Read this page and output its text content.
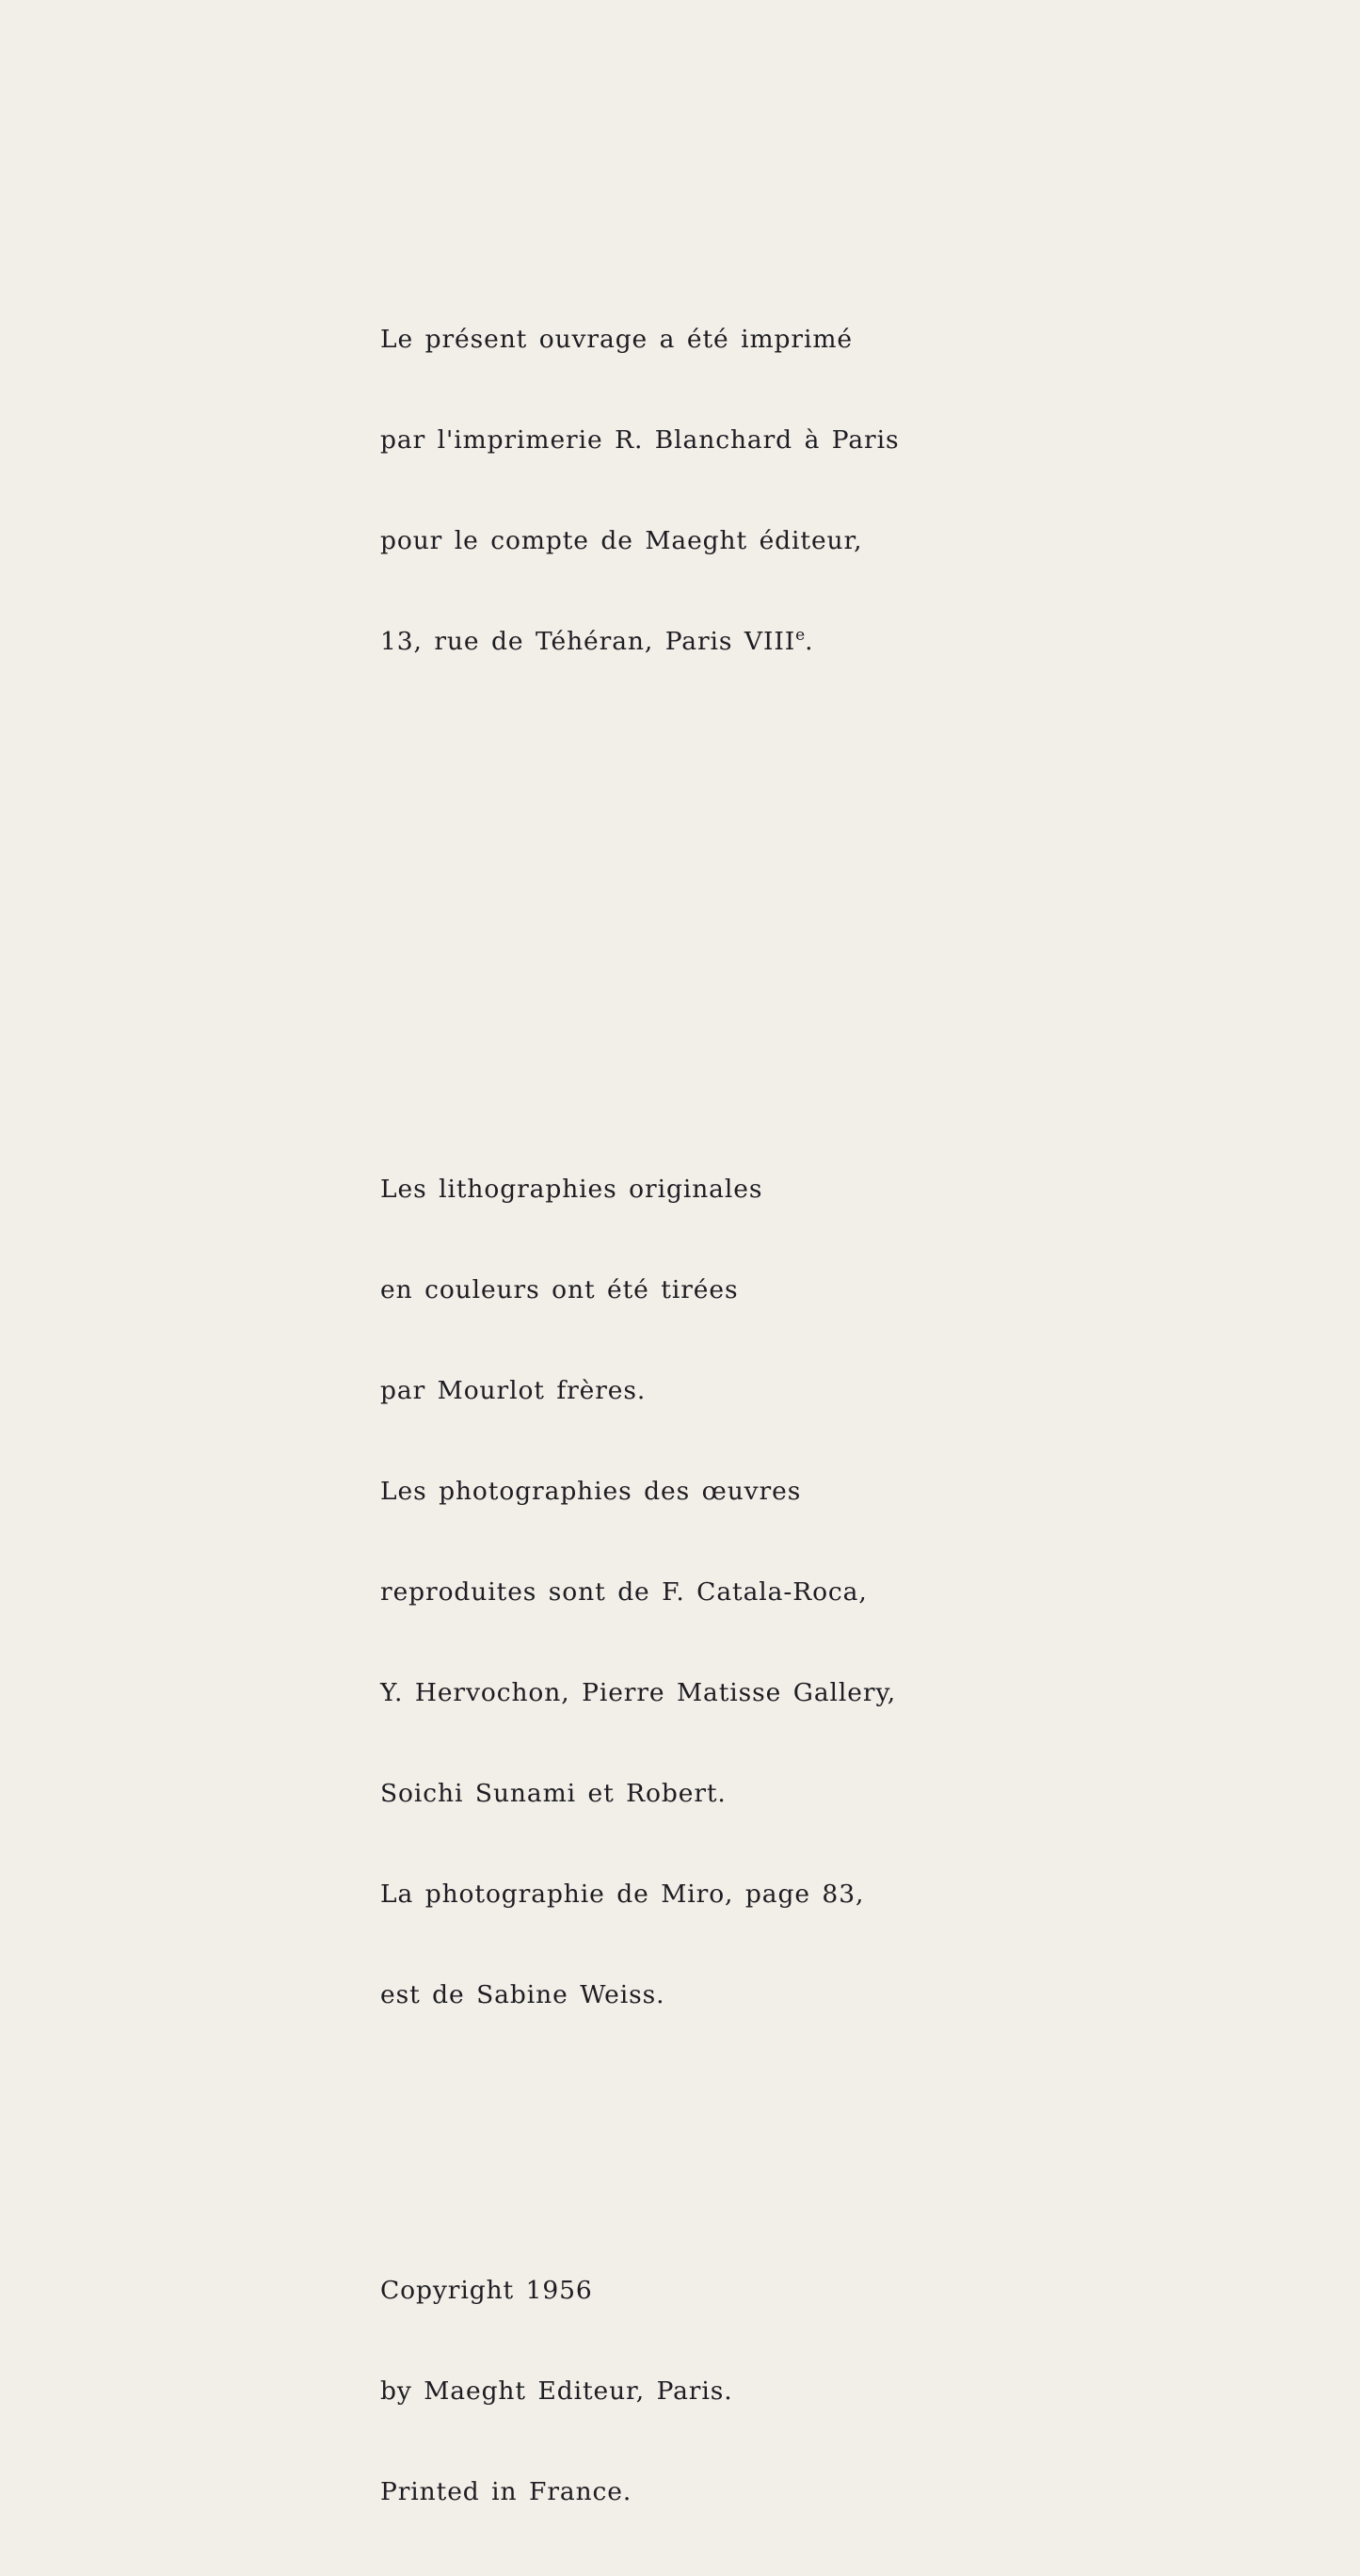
Le présent ouvrage a été imprimé

par l'imprimerie R. Blanchard à Paris

pour le compte de Maeght éditeur,

13, rue de Téhéran, Paris VIIIe.

Les lithographies originales

en couleurs ont été tirées

par Mourlot frères.

Les photographies des œuvres

reproduites sont de F. Catala-Roca,

Y. Hervochon, Pierre Matisse Gallery,

Soichi Sunami et Robert.

La photographie de Miro, page 83,

est de Sabine Weiss.

Copyright 1956

by Maeght Editeur, Paris.

Printed in France.
